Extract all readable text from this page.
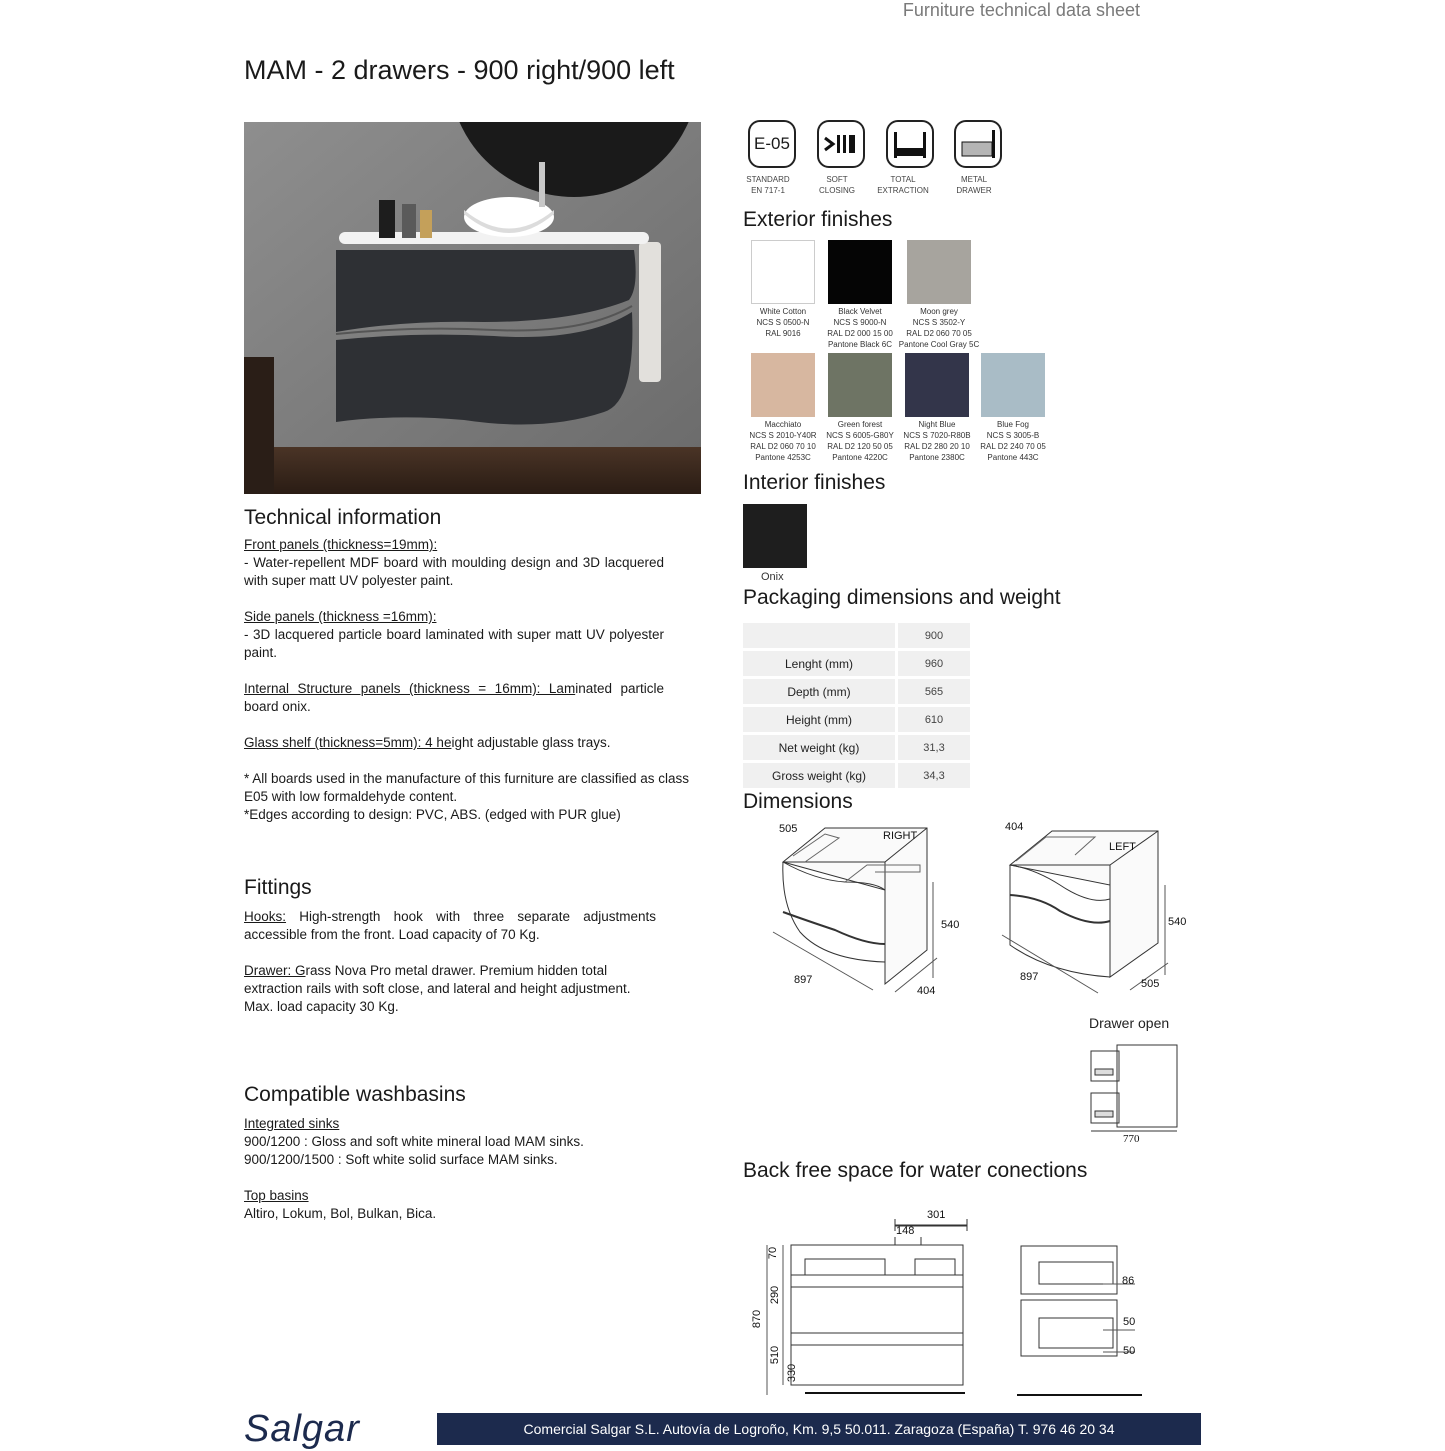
Furniture technical data sheet
MAM - 2 drawers - 900 right/900 left
Technical information
Front panels (thickness=19mm):
- Water-repellent MDF board with moulding design and 3D lacquered with super matt UV polyester paint.
Side panels (thickness =16mm):
- 3D lacquered particle board laminated with super matt UV polyester paint.
Internal Structure panels (thickness = 16mm): Laminated particle board onix.
Glass shelf (thickness=5mm): 4 height adjustable glass trays.
* All boards used in the manufacture of this furniture are classified as class E05 with low formaldehyde content.
*Edges according to design: PVC, ABS. (edged with PUR glue)
Fittings
Hooks: High-strength hook with three separate adjustments accessible from the front. Load capacity of 70 Kg.
Drawer: Grass Nova Pro metal drawer. Premium hidden total extraction rails with soft close, and lateral and height adjustment. Max. load capacity 30 Kg.
Compatible washbasins
Integrated sinks
900/1200 : Gloss and soft white mineral load MAM sinks.
900/1200/1500 : Soft white solid surface MAM sinks.
Top basins
Altiro, Lokum, Bol, Bulkan, Bica.
E-05
STANDARD
EN 717-1
SOFT
CLOSING
TOTAL
EXTRACTION
METAL
DRAWER
Exterior finishes
White Cotton
NCS S 0500-N
RAL 9016
Black Velvet
NCS S 9000-N
RAL D2 000 15 00
Pantone Black 6C
Moon grey
NCS S 3502-Y
RAL D2 060 70 05
Pantone Cool Gray 5C
Macchiato
NCS S 2010-Y40R
RAL D2 060 70 10
Pantone 4253C
Green forest
NCS S 6005-G80Y
RAL D2 120 50 05
Pantone 4220C
Night Blue
NCS S 7020-R80B
RAL D2 280 20 10
Pantone 2380C
Blue Fog
NCS S 3005-B
RAL D2 240 70 05
Pantone 443C
Interior finishes
Onix
Packaging dimensions and weight
	900
Lenght (mm)	960
Depth (mm)	565
Height (mm)	610
Net weight (kg)	31,3
Gross weight (kg)	34,3
Dimensions
505
RIGHT
540
897
404
404
LEFT
540
897
505
Drawer open
770
Back free space for water conections
301
148
70
290
870
510
330
86
50
50
Salgar	Comercial Salgar S.L. Autovía de Logroño, Km. 9,5 50.011. Zaragoza (España) T. 976 46 20 34
